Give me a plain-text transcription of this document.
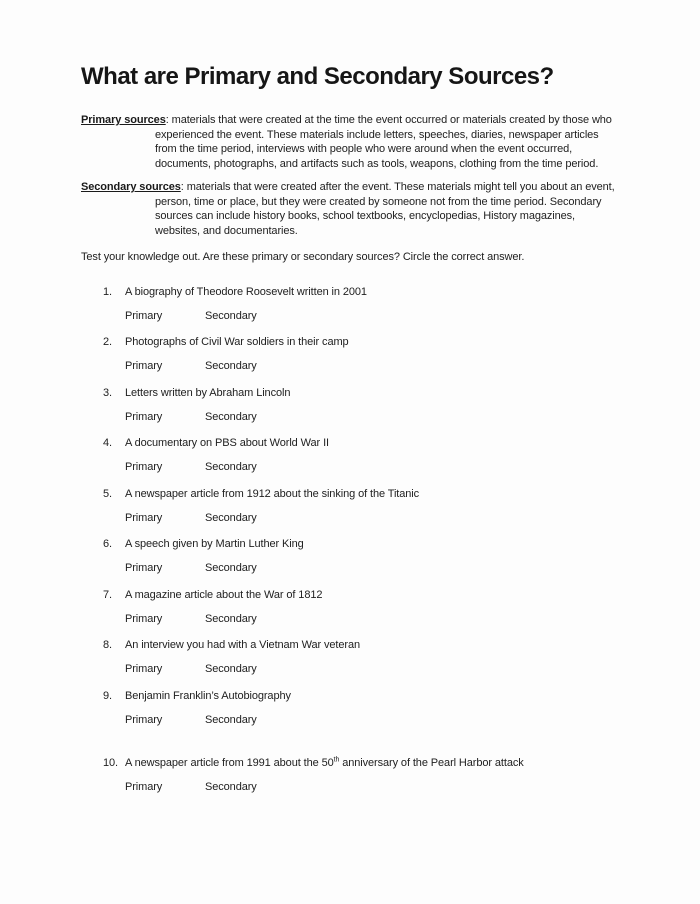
What are Primary and Secondary Sources?
Primary sources: materials that were created at the time the event occurred or materials created by those who
experienced the event. These materials include letters, speeches, diaries, newspaper articles
from the time period, interviews with people who were around when the event occurred,
documents, photographs, and artifacts such as tools, weapons, clothing from the time period.
Secondary sources: materials that were created after the event. These materials might tell you about an event,
person, time or place, but they were created by someone not from the time period. Secondary
sources can include history books, school textbooks, encyclopedias, History magazines,
websites, and documentaries.

Test your knowledge out. Are these primary or secondary sources? Circle the correct answer.

1. A biography of Theodore Roosevelt written in 2001
Primary	Secondary
2. Photographs of Civil War soldiers in their camp
Primary	Secondary
3. Letters written by Abraham Lincoln
Primary	Secondary
4. A documentary on PBS about World War II
Primary	Secondary
5. A newspaper article from 1912 about the sinking of the Titanic
Primary	Secondary
6. A speech given by Martin Luther King
Primary	Secondary
7. A magazine article about the War of 1812
Primary	Secondary
8. An interview you had with a Vietnam War veteran
Primary	Secondary
9. Benjamin Franklin’s Autobiography
Primary	Secondary
10. A newspaper article from 1991 about the 50th anniversary of the Pearl Harbor attack
Primary	Secondary
